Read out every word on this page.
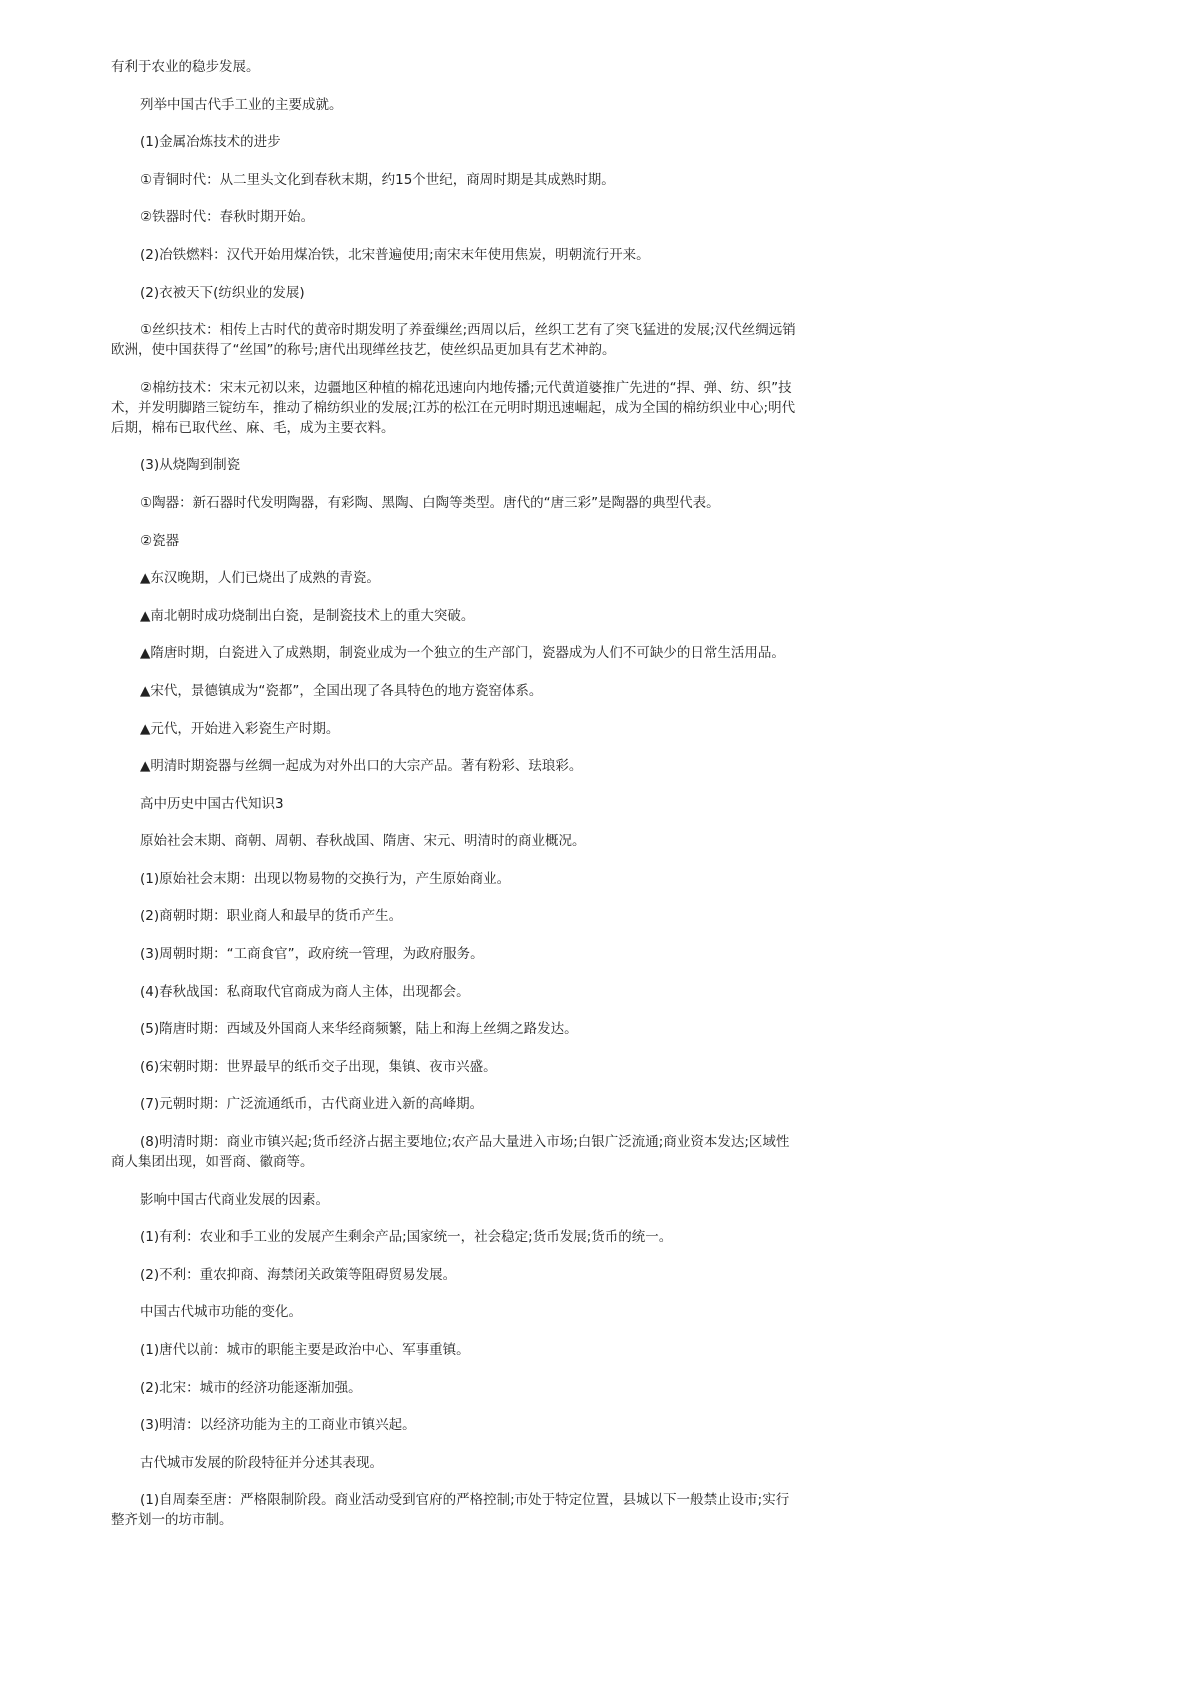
有利于农业的稳步发展。

列举中国古代手工业的主要成就。

(1)金属冶炼技术的进步

①青铜时代：从二里头文化到春秋末期，约15个世纪，商周时期是其成熟时期。

②铁器时代：春秋时期开始。

(2)冶铁燃料：汉代开始用煤冶铁，北宋普遍使用;南宋末年使用焦炭，明朝流行开来。

(2)衣被天下(纺织业的发展)

①丝织技术：相传上古时代的黄帝时期发明了养蚕缫丝;西周以后，丝织工艺有了突飞猛进的发展;汉代丝绸远销欧洲，使中国获得了“丝国”的称号;唐代出现缂丝技艺，使丝织品更加具有艺术神韵。

②棉纺技术：宋末元初以来，边疆地区种植的棉花迅速向内地传播;元代黄道婆推广先进的“捍、弹、纺、织”技术，并发明脚踏三锭纺车，推动了棉纺织业的发展;江苏的松江在元明时期迅速崛起，成为全国的棉纺织业中心;明代后期，棉布已取代丝、麻、毛，成为主要衣料。

(3)从烧陶到制瓷

①陶器：新石器时代发明陶器，有彩陶、黑陶、白陶等类型。唐代的“唐三彩”是陶器的典型代表。

②瓷器

▲东汉晚期，人们已烧出了成熟的青瓷。

▲南北朝时成功烧制出白瓷，是制瓷技术上的重大突破。

▲隋唐时期，白瓷进入了成熟期，制瓷业成为一个独立的生产部门，瓷器成为人们不可缺少的日常生活用品。

▲宋代，景德镇成为“瓷都”，全国出现了各具特色的地方瓷窑体系。

▲元代，开始进入彩瓷生产时期。

▲明清时期瓷器与丝绸一起成为对外出口的大宗产品。著有粉彩、珐琅彩。

高中历史中国古代知识3

原始社会末期、商朝、周朝、春秋战国、隋唐、宋元、明清时的商业概况。

(1)原始社会末期：出现以物易物的交换行为，产生原始商业。

(2)商朝时期：职业商人和最早的货币产生。

(3)周朝时期：“工商食官”，政府统一管理，为政府服务。

(4)春秋战国：私商取代官商成为商人主体，出现都会。

(5)隋唐时期：西域及外国商人来华经商频繁，陆上和海上丝绸之路发达。

(6)宋朝时期：世界最早的纸币交子出现，集镇、夜市兴盛。

(7)元朝时期：广泛流通纸币，古代商业进入新的高峰期。

(8)明清时期：商业市镇兴起;货币经济占据主要地位;农产品大量进入市场;白银广泛流通;商业资本发达;区域性商人集团出现，如晋商、徽商等。

影响中国古代商业发展的因素。

(1)有利：农业和手工业的发展产生剩余产品;国家统一，社会稳定;货币发展;货币的统一。

(2)不利：重农抑商、海禁闭关政策等阻碍贸易发展。

中国古代城市功能的变化。

(1)唐代以前：城市的职能主要是政治中心、军事重镇。

(2)北宋：城市的经济功能逐渐加强。

(3)明清：以经济功能为主的工商业市镇兴起。

古代城市发展的阶段特征并分述其表现。

(1)自周秦至唐：严格限制阶段。商业活动受到官府的严格控制;市处于特定位置，县城以下一般禁止设市;实行整齐划一的坊市制。
